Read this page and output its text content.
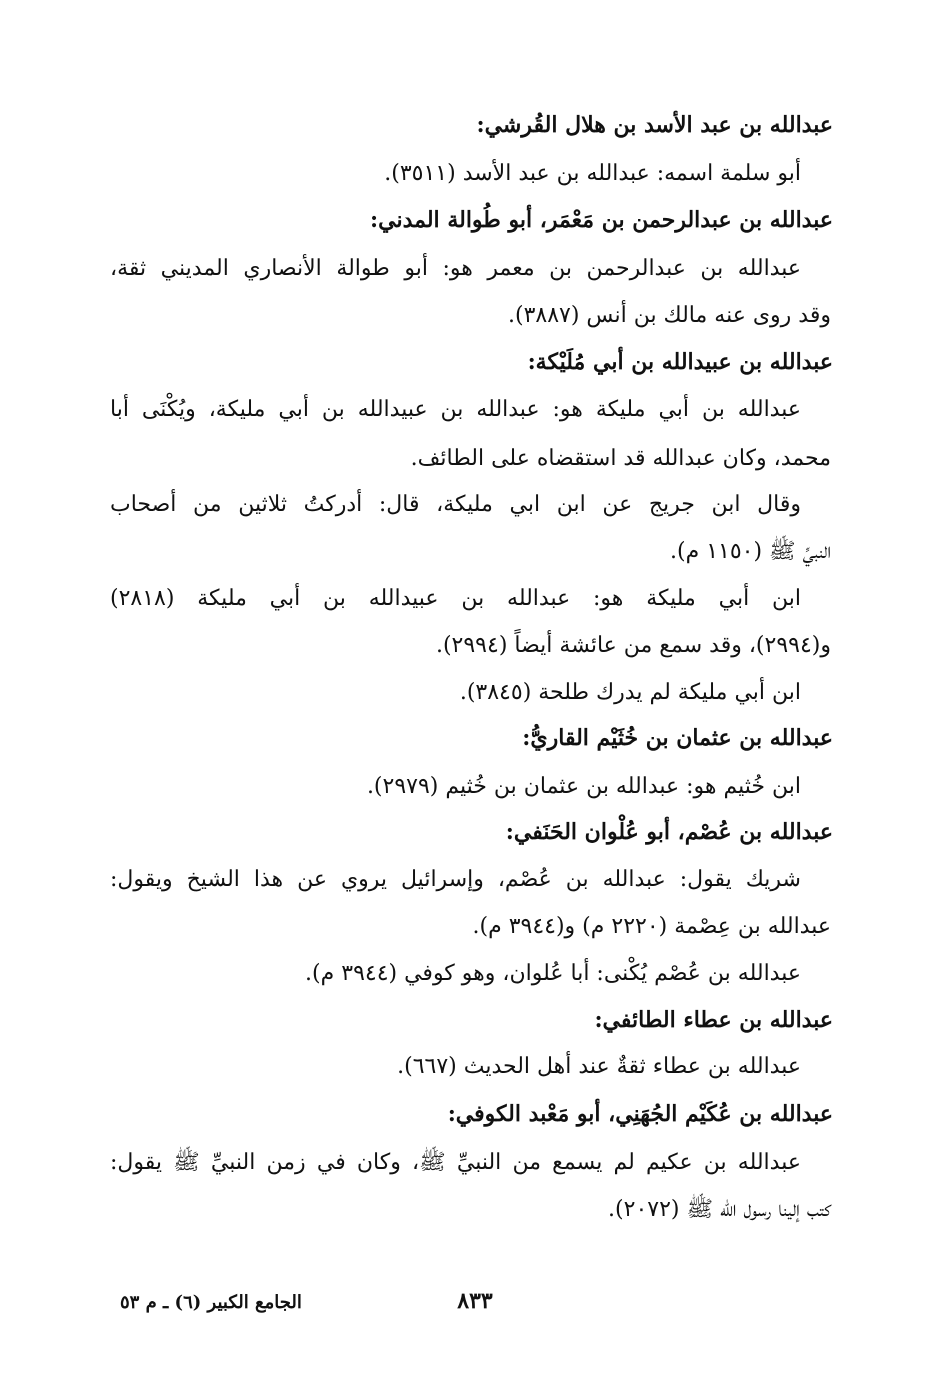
عبدالله بن عبد الأسد بن هلال القُرشي:
أبو سلمة اسمه: عبدالله بن عبد الأسد (٣٥١١).
عبدالله بن عبدالرحمن بن مَعْمَر، أبو طُوالة المدني:
عبدالله بن عبدالرحمن بن معمر هو: أبو طوالة الأنصاري المديني ثقة،
وقد روى عنه مالك بن أنس (٣٨٨٧).
عبدالله بن عبيدالله بن أبي مُلَيْكة:
عبدالله بن أبي مليكة هو: عبدالله بن عبيدالله بن أبي مليكة، ويُكْنَى أبا
محمد، وكان عبدالله قد استقضاه على الطائف.
وقال ابن جريج عن ابن ابي مليكة، قال: أدركتُ ثلاثين من أصحاب
النبيِّ ﷺ (١١٥٠ م).
ابن أبي مليكة هو: عبدالله بن عبيدالله بن أبي مليكة (٢٨١٨)
و(٢٩٩٤)، وقد سمع من عائشة أيضاً (٢٩٩٤).
ابن أبي مليكة لم يدرك طلحة (٣٨٤٥).
عبدالله بن عثمان بن خُثَيْم القاريُّ:
ابن خُثيم هو: عبدالله بن عثمان بن خُثيم (٢٩٧٩).
عبدالله بن عُصْم، أبو عُلْوان الحَنَفي:
شريك يقول: عبدالله بن عُصْم، وإسرائيل يروي عن هذا الشيخ ويقول:
عبدالله بن عِصْمة (٢٢٢٠ م) و(٣٩٤٤ م).
عبدالله بن عُصْم يُكْنى: أبا عُلوان، وهو كوفي (٣٩٤٤ م).
عبدالله بن عطاء الطائفي:
عبدالله بن عطاء ثقةٌ عند أهل الحديث (٦٦٧).
عبدالله بن عُكَيْم الجُهَنِي، أبو مَعْبد الكوفي:
عبدالله بن عكيم لم يسمع من النبيِّ ﷺ، وكان في زمن النبيِّ ﷺ يقول:
كتب إلينا رسول الله ﷺ (٢٠٧٢).
٨٣٣
الجامع الكبير (٦) ـ م ٥٣
